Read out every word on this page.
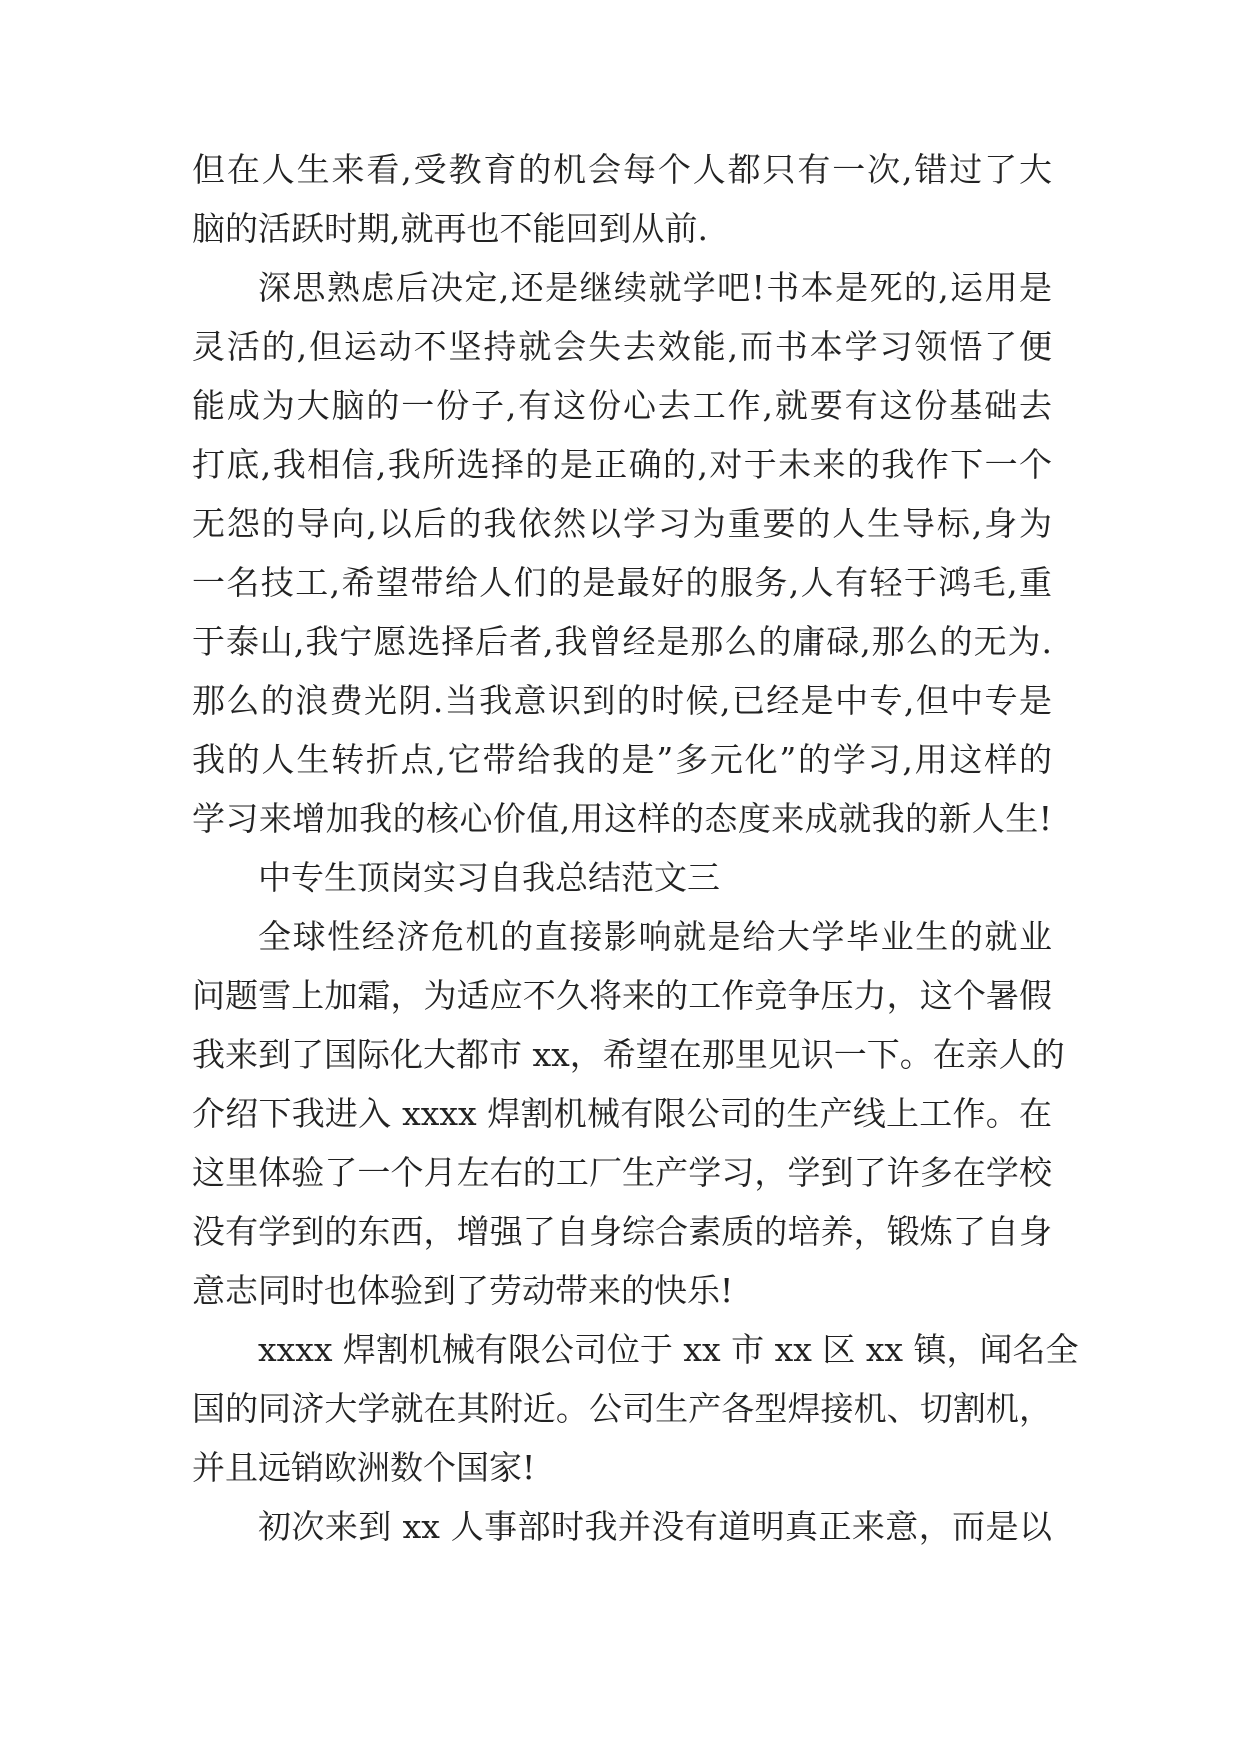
但在人生来看,受教育的机会每个人都只有一次,错过了大
脑的活跃时期,就再也不能回到从前.
深思熟虑后决定,还是继续就学吧!书本是死的,运用是
灵活的,但运动不坚持就会失去效能,而书本学习领悟了便
能成为大脑的一份子,有这份心去工作,就要有这份基础去
打底,我相信,我所选择的是正确的,对于未来的我作下一个
无怨的导向,以后的我依然以学习为重要的人生导标,身为
一名技工,希望带给人们的是最好的服务,人有轻于鸿毛,重
于泰山,我宁愿选择后者,我曾经是那么的庸碌,那么的无为.
那么的浪费光阴.当我意识到的时候,已经是中专,但中专是
我的人生转折点,它带给我的是”多元化”的学习,用这样的
学习来增加我的核心价值,用这样的态度来成就我的新人生!
中专生顶岗实习自我总结范文三
全球性经济危机的直接影响就是给大学毕业生的就业
问题雪上加霜，为适应不久将来的工作竞争压力，这个暑假
我来到了国际化大都市 xx，希望在那里见识一下。在亲人的
介绍下我进入 xxxx 焊割机械有限公司的生产线上工作。在
这里体验了一个月左右的工厂生产学习，学到了许多在学校
没有学到的东西，增强了自身综合素质的培养，锻炼了自身
意志同时也体验到了劳动带来的快乐!
xxxx 焊割机械有限公司位于 xx 市 xx 区 xx 镇，闻名全
国的同济大学就在其附近。公司生产各型焊接机、切割机，
并且远销欧洲数个国家!
初次来到 xx 人事部时我并没有道明真正来意，而是以
